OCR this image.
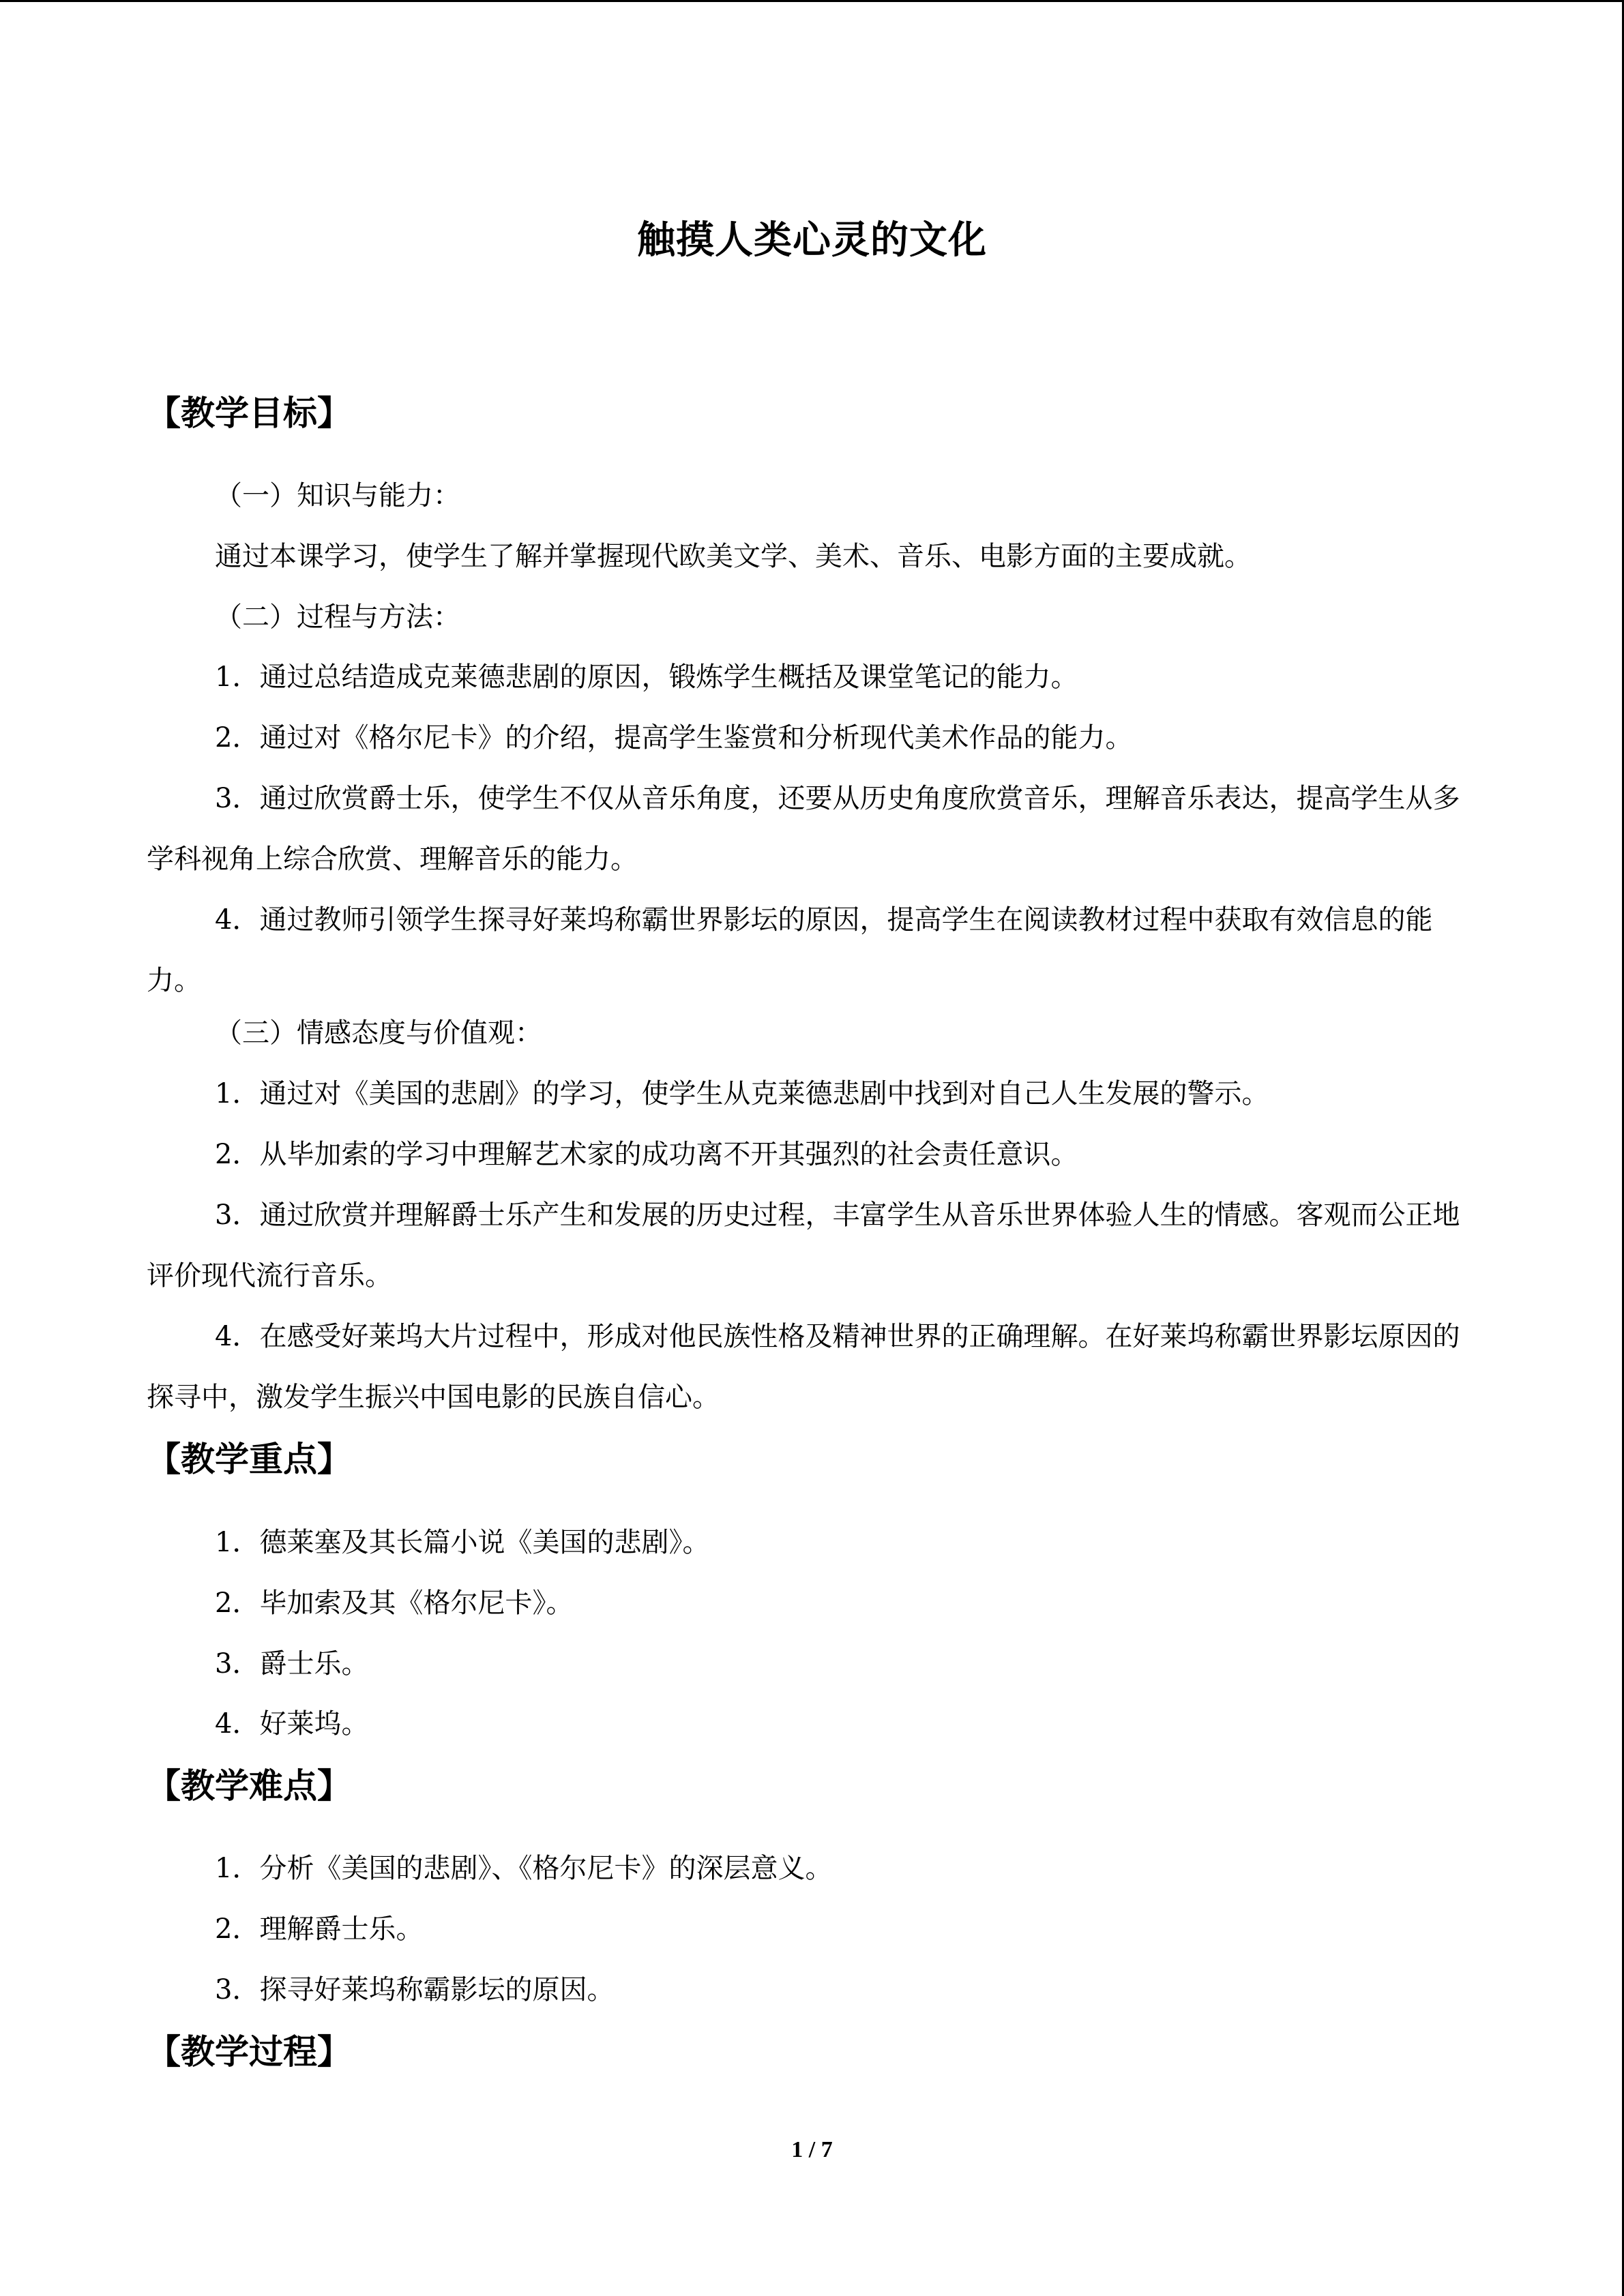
触摸人类心灵的文化
【教学目标】

（一）知识与能力：

通过本课学习，使学生了解并掌握现代欧美文学、美术、音乐、电影方面的主要成就。

（二）过程与方法：

1．通过总结造成克莱德悲剧的原因，锻炼学生概括及课堂笔记的能力。

2．通过对《格尔尼卡》的介绍，提高学生鉴赏和分析现代美术作品的能力。

3．通过欣赏爵士乐，使学生不仅从音乐角度，还要从历史角度欣赏音乐，理解音乐表达，提高学生从多学科视角上综合欣赏、理解音乐的能力。

4．通过教师引领学生探寻好莱坞称霸世界影坛的原因，提高学生在阅读教材过程中获取有效信息的能力。

（三）情感态度与价值观：

1．通过对《美国的悲剧》的学习，使学生从克莱德悲剧中找到对自己人生发展的警示。

2．从毕加索的学习中理解艺术家的成功离不开其强烈的社会责任意识。

3．通过欣赏并理解爵士乐产生和发展的历史过程，丰富学生从音乐世界体验人生的情感。客观而公正地评价现代流行音乐。

4．在感受好莱坞大片过程中，形成对他民族性格及精神世界的正确理解。在好莱坞称霸世界影坛原因的探寻中，激发学生振兴中国电影的民族自信心。

【教学重点】

1．德莱塞及其长篇小说《美国的悲剧》。

2．毕加索及其《格尔尼卡》。

3．爵士乐。

4．好莱坞。

【教学难点】

1．分析《美国的悲剧》、《格尔尼卡》的深层意义。

2．理解爵士乐。

3．探寻好莱坞称霸影坛的原因。

【教学过程】
1 / 7
